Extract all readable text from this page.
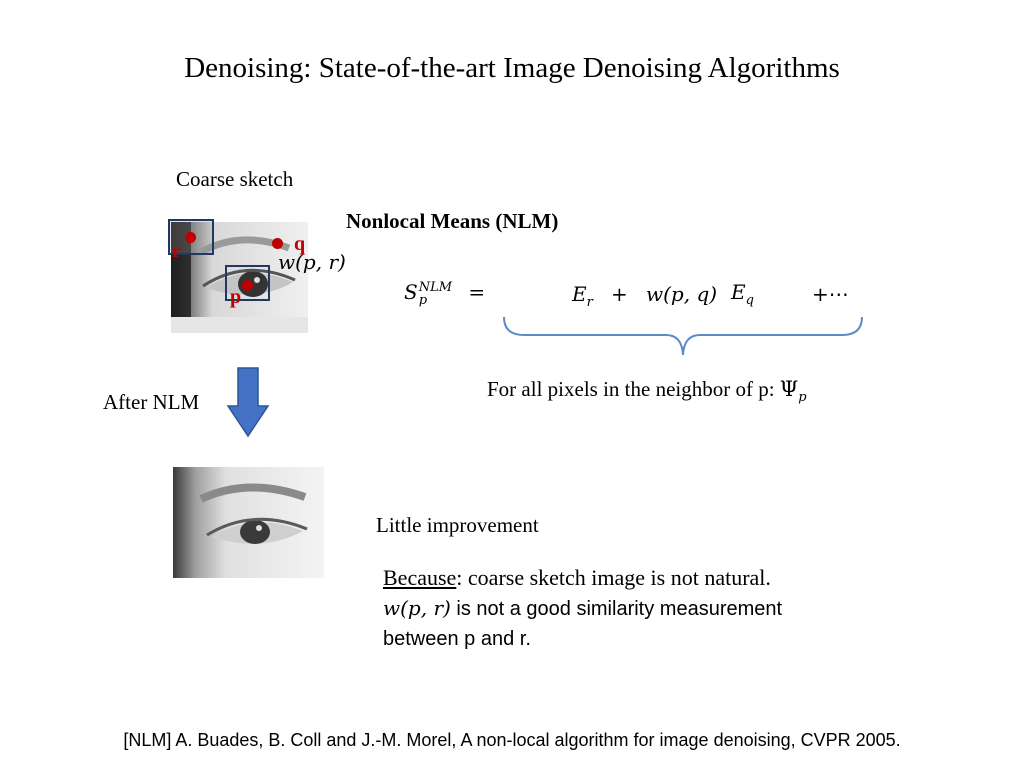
Denoising: State-of-the-art Image Denoising Algorithms
Coarse sketch
Nonlocal Means (NLM)
r	q
p
w(p, r)
S NLM
p	=	$E_r + w(p$, q) $E_q$	+⋯
For all pixels in the neighbor of p: $\Psi_p$
After NLM
Little improvement
Because: coarse sketch image is not natural.
w(p, r) is not a good similarity measurement
between p and r.
[NLM] A. Buades, B. Coll and J.-M. Morel, A non-local algorithm for image denoising, CVPR 2005.
